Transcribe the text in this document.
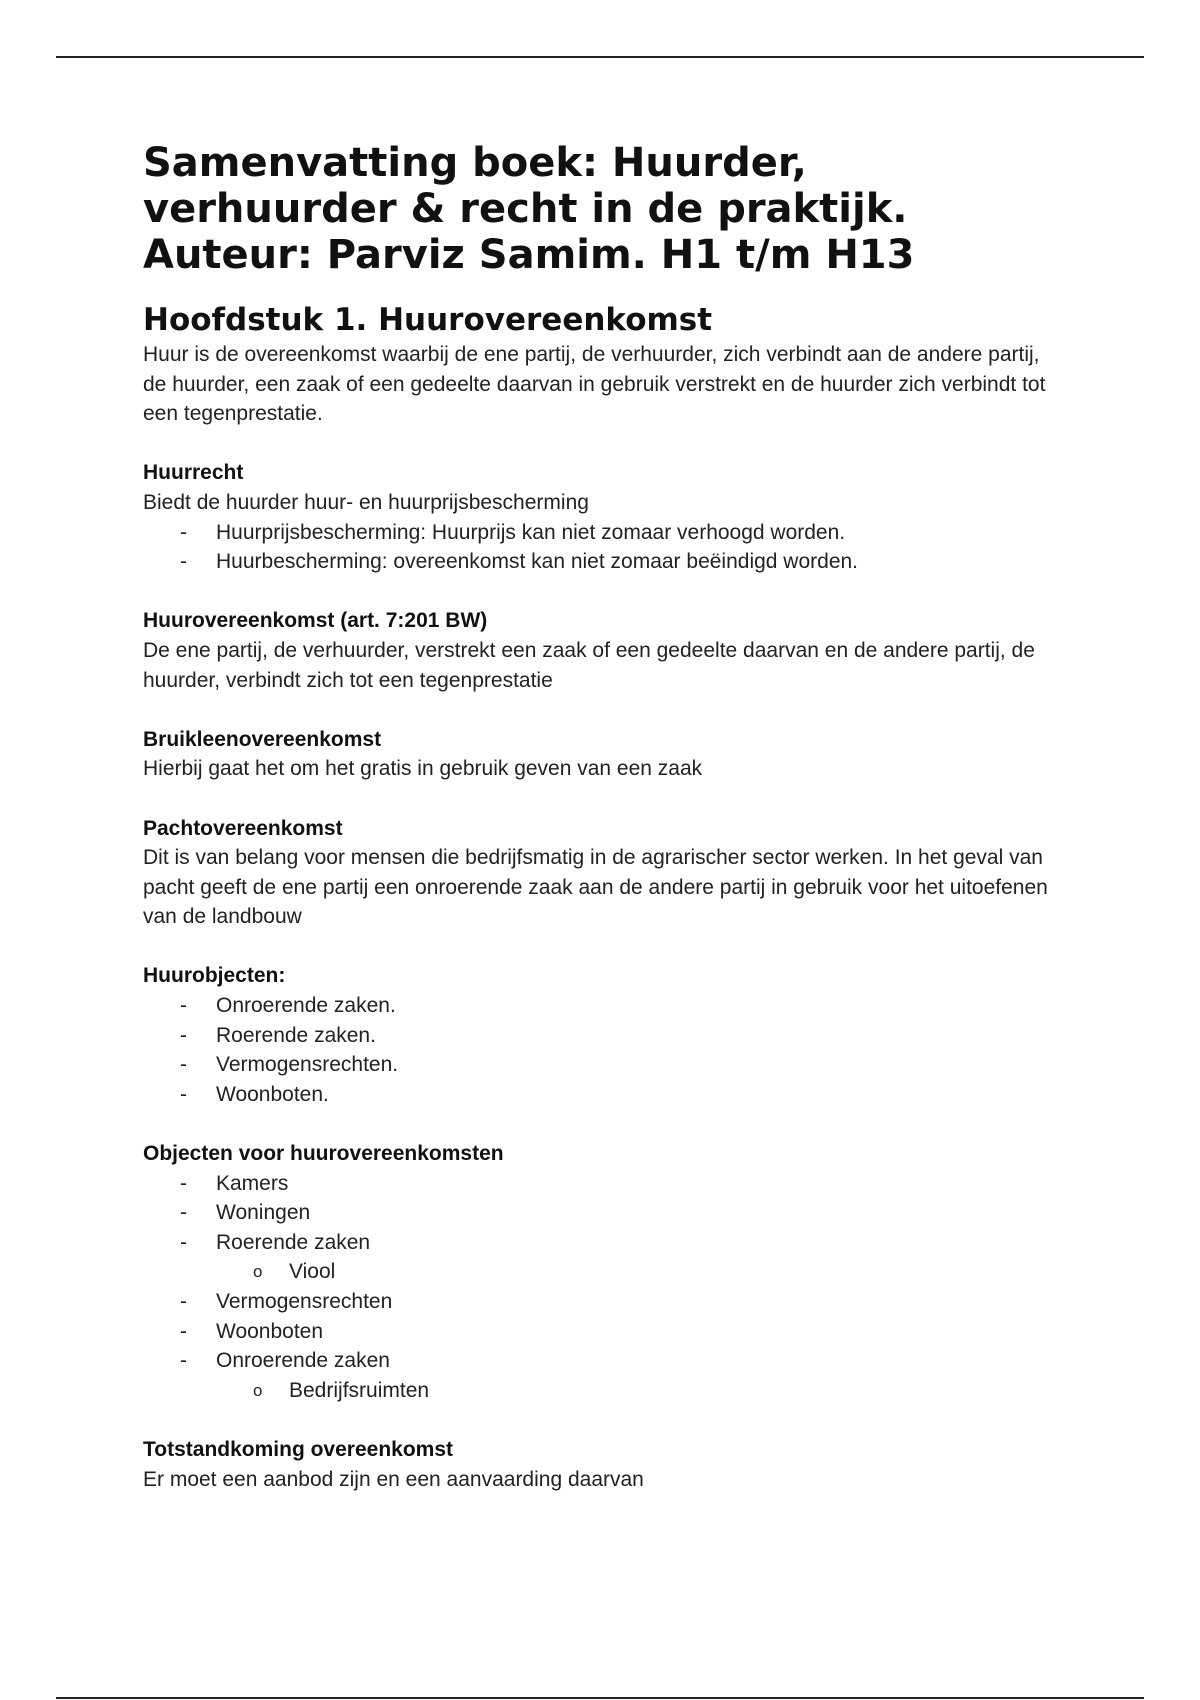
Samenvatting boek: Huurder, verhuurder & recht in de praktijk. Auteur: Parviz Samim. H1 t/m H13
Hoofdstuk 1. Huurovereenkomst

Huur is de overeenkomst waarbij de ene partij, de verhuurder, zich verbindt aan de andere partij, de huurder, een zaak of een gedeelte daarvan in gebruik verstrekt en de huurder zich verbindt tot een tegenprestatie.

Huurrecht

Biedt de huurder huur- en huurprijsbescherming

- Huurprijsbescherming: Huurprijs kan niet zomaar verhoogd worden.
- Huurbescherming: overeenkomst kan niet zomaar beëindigd worden.
Huurovereenkomst (art. 7:201 BW)

De ene partij, de verhuurder, verstrekt een zaak of een gedeelte daarvan en de andere partij, de huurder, verbindt zich tot een tegenprestatie

Bruikleenovereenkomst

Hierbij gaat het om het gratis in gebruik geven van een zaak

Pachtovereenkomst

Dit is van belang voor mensen die bedrijfsmatig in de agrarischer sector werken. In het geval van pacht geeft de ene partij een onroerende zaak aan de andere partij in gebruik voor het uitoefenen van de landbouw

Huurobjecten:
- Onroerende zaken.
- Roerende zaken.
- Vermogensrechten.
- Woonboten.
Objecten voor huurovereenkomsten
- Kamers
- Woningen
- Roerende zaken
o Viool
- Vermogensrechten
- Woonboten
- Onroerende zaken
o Bedrijfsruimten
Totstandkoming overeenkomst

Er moet een aanbod zijn en een aanvaarding daarvan
